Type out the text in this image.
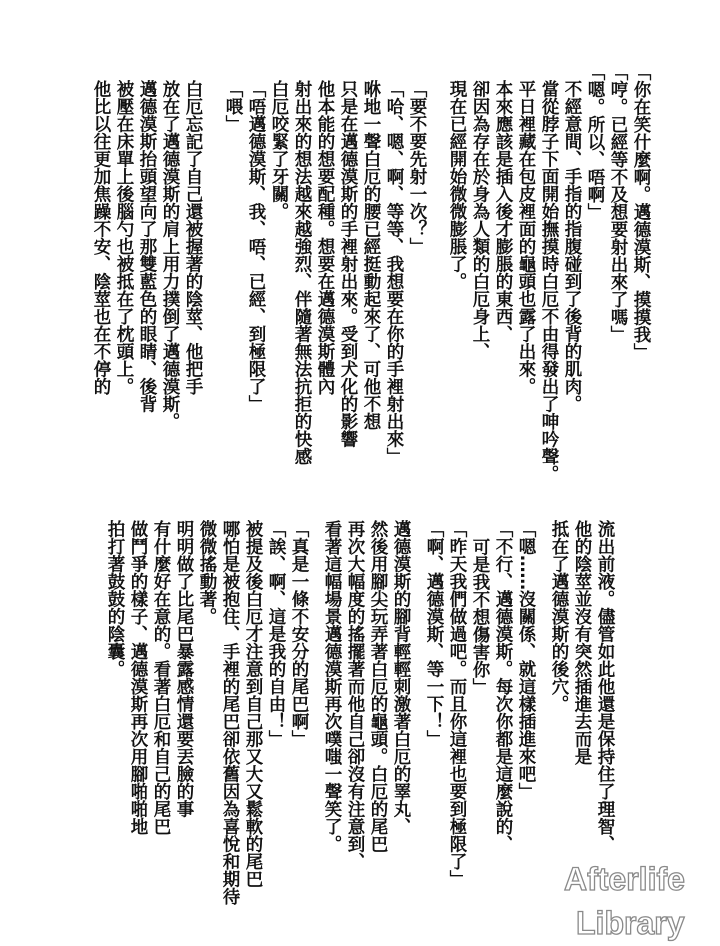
「你在笑什麼啊。邁德漠斯、摸摸我」
「哼。已經等不及想要射出來了嗎」
「嗯。所以、唔啊」
不經意間、手指的指腹碰到了後背的肌肉。
當從脖子下面開始撫摸時白厄不由得發出了呻吟聲。
平日裡藏在包皮裡面的龜頭也露了出來。
本來應該是插入後才膨脹的東西、
卻因為存在於身為人類的白厄身上、
現在已經開始微微膨脹了。
「要不要先射一次？」
「哈、嗯、啊、等等、我想要在你的手裡射出來」
咻地一聲白厄的腰已經挺動起來了、可他不想
只是在邁德漠斯的手裡射出來。受到犬化的影響
他本能的想要配種。想要在邁德漠斯體內
射出來的想法越來越強烈、伴隨著無法抗拒的快感
白厄咬緊了牙關。
「唔邁德漠斯、我、唔、已經、到極限了」
「喂」
白厄忘記了自己還被握著的陰莖、他把手
放在了邁德漠斯的肩上用力撲倒了邁德漠斯。
邁德漠斯抬頭望向了那雙藍色的眼睛、後背
被壓在床單上後腦勺也被抵在了枕頭上。
他比以往更加焦躁不安、陰莖也在不停的
流出前液。儘管如此他還是保持住了理智、
他的陰莖並沒有突然插進去而是
抵在了邁德漠斯的後穴。
「嗯……沒關係、就這樣插進來吧」
「不行、邁德漠斯。每次你都是這麼說的、
可是我不想傷害你」
「昨天我們做過吧。而且你這裡也要到極限了」
「啊、邁德漠斯、等一下！」
邁德漠斯的腳背輕輕刺激著白厄的睪丸、
然後用腳尖玩弄著白厄的龜頭。白厄的尾巴
再次大幅度的搖擺著而他自己卻沒有注意到、
看著這幅場景邁德漠斯再次噗嗤一聲笑了。
「真是一條不安分的尾巴啊」
「誒、啊、這是我的自由！」
被提及後白厄才注意到自己那又大又鬆軟的尾巴
哪怕是被抱住、手裡的尾巴卻依舊因為喜悅和期待
微微搖動著。
明明做了比尾巴暴露感情還要丟臉的事
有什麼好在意的。看著白厄和自己的尾巴
做鬥爭的樣子、邁德漠斯再次用腳啪啪地
拍打著鼓鼓的陰囊。
Afterlife
Library
